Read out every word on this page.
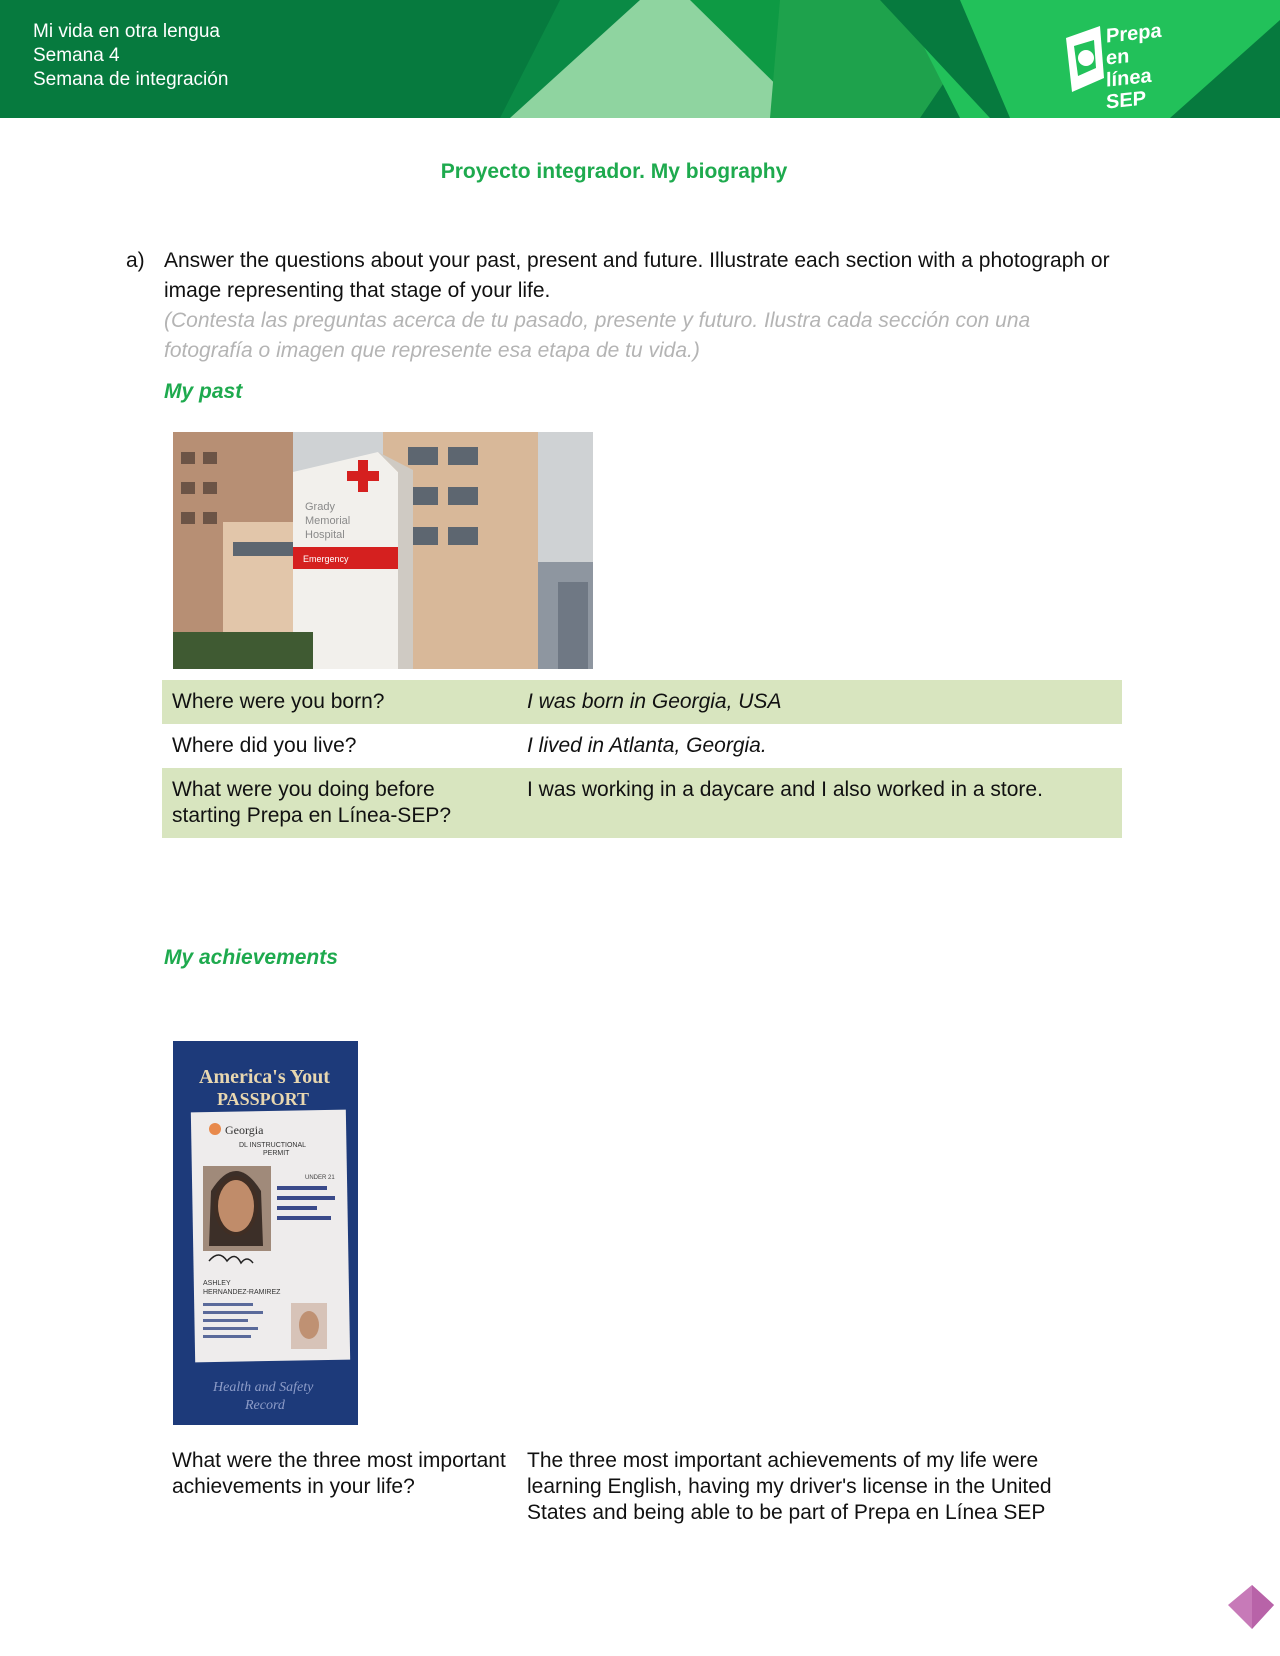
Mi vida en otra lengua
Semana 4
Semana de integración
Prepa en
línea
SEP
Proyecto integrador. My biography
a) Answer the questions about your past, present and future. Illustrate each section with a photograph or image representing that stage of your life.
(Contesta las preguntas acerca de tu pasado, presente y futuro. Ilustra cada sección con una fotografía o imagen que represente esa etapa de tu vida.)
My past
Grady
Memorial
Hospital
Emergency
Where were you born?	I was born in Georgia, USA
Where did you live?	I lived in Atlanta, Georgia.
What were you doing before starting Prepa en Línea-SEP?	I was working in a daycare and I also worked in a store.
My achievements
America's Yout
PASSPORT
Georgia
DL INSTRUCTIONAL
PERMIT
UNDER 21
ASHLEY
HERNANDEZ-RAMIREZ
Health and Safety
Record
What were the three most important achievements in your life?	The three most important achievements of my life were learning English, having my driver's license in the United States and being able to be part of Prepa en Línea SEP
